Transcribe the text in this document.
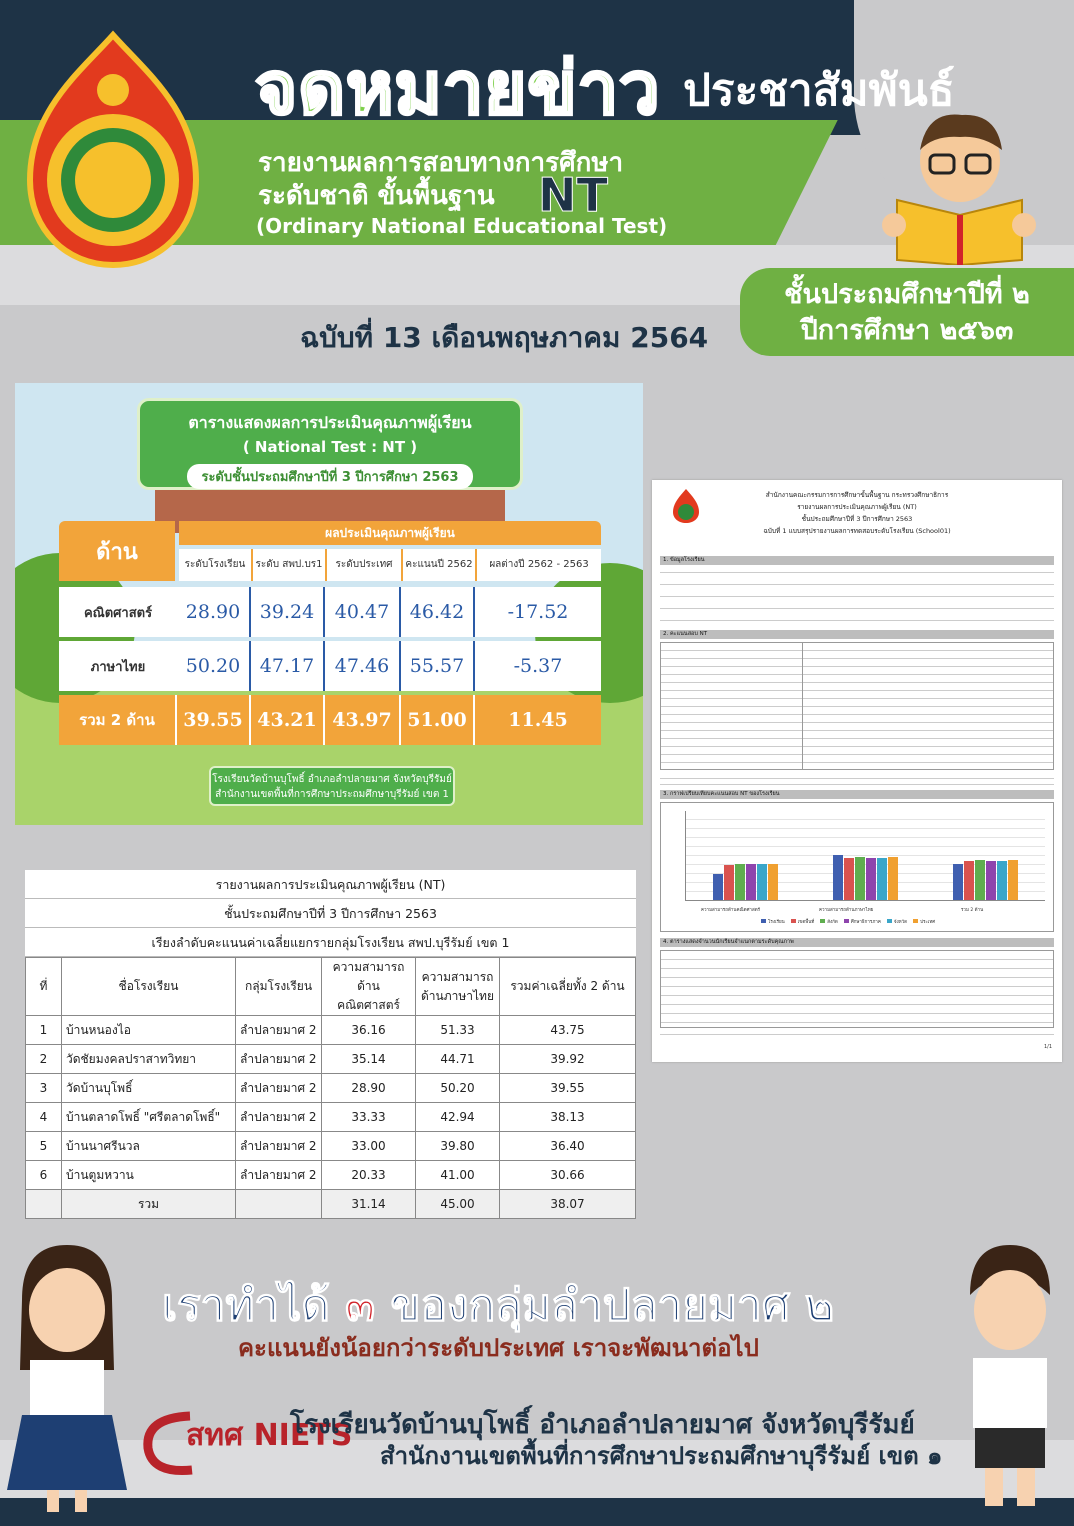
จดหมายข่าว ประชาสัมพันธ์
รายงานผลการสอบทางการศึกษา
ระดับชาติ ขั้นพื้นฐาน NT
(Ordinary National Educational Test)
ฉบับที่ 13 เดือนพฤษภาคม 2564
ชั้นประถมศึกษาปีที่ ๒
ปีการศึกษา ๒๕๖๓
ตารางแสดงผลการประเมินคุณภาพผู้เรียน
( National Test : NT )
ระดับชั้นประถมศึกษาปีที่ 3 ปีการศึกษา 2563
ด้าน
ผลประเมินคุณภาพผู้เรียน
ระดับโรงเรียน	ระดับ สพป.บร1	ระดับประเทศ	คะแนนปี 2562	ผลต่างปี 2562 - 2563
คณิตศาสตร์	28.90	39.24	40.47	46.42	-17.52
ภาษาไทย	50.20	47.17	47.46	55.57	-5.37
รวม 2 ด้าน	39.55 43.21 43.97 51.00	11.45
โรงเรียนวัดบ้านบุโพธิ์ อำเภอลำปลายมาศ จังหวัดบุรีรัมย์
สำนักงานเขตพื้นที่การศึกษาประถมศึกษาบุรีรัมย์ เขต 1
สำนักงานคณะกรรมการการศึกษาขั้นพื้นฐาน กระทรวงศึกษาธิการ
รายงานผลการประเมินคุณภาพผู้เรียน (NT)
ชั้นประถมศึกษาปีที่ 3 ปีการศึกษา 2563
ฉบับที่ 1 แบบสรุปรายงานผลการทดสอบระดับโรงเรียน (School01)
1. ข้อมูลโรงเรียน
2. คะแนนสอบ NT
3. กราฟเปรียบเทียบคะแนนสอบ NT ของโรงเรียน
ความสามารถด้านคณิตศาสตร์	ความสามารถด้านภาษาไทย	รวม 2 ด้าน
โรงเรียน	เขตพื้นที่	สังกัด	ศึกษาธิการภาค	จังหวัด	ประเทศ
4. ตารางแสดงจำนวนนักเรียนจำแนกตามระดับคุณภาพ
1/1
รายงานผลการประเมินคุณภาพผู้เรียน (NT)
ชั้นประถมศึกษาปีที่ 3 ปีการศึกษา 2563
เรียงลำดับคะแนนค่าเฉลี่ยแยกรายกลุ่มโรงเรียน สพป.บุรีรัมย์ เขต 1
ที่	ชื่อโรงเรียน	กลุ่มโรงเรียน	ความสามารถ ด้านคณิตศาสตร์	ความสามารถ ด้านภาษาไทย	รวมค่าเฉลี่ยทั้ง 2 ด้าน
1	บ้านหนองไอ	ลำปลายมาศ 2	36.16	51.33	43.75
2	วัดชัยมงคลปราสาทวิทยา	ลำปลายมาศ 2	35.14	44.71	39.92
3	วัดบ้านบุโพธิ์	ลำปลายมาศ 2	28.90	50.20	39.55
4	บ้านตลาดโพธิ์ "ศรีตลาดโพธิ์"	ลำปลายมาศ 2	33.33	42.94	38.13
5	บ้านนาศรีนวล	ลำปลายมาศ 2	33.00	39.80	36.40
6	บ้านตูมหวาน	ลำปลายมาศ 2	20.33	41.00	30.66
	รวม		31.14	45.00	38.07
เราทำได้ ๓ ของกลุ่มลำปลายมาศ ๒
คะแนนยังน้อยกว่าระดับประเทศ เราจะพัฒนาต่อไป
สทศ NIETS
โรงเรียนวัดบ้านบุโพธิ์ อำเภอลำปลายมาศ จังหวัดบุรีรัมย์
สำนักงานเขตพื้นที่การศึกษาประถมศึกษาบุรีรัมย์ เขต ๑
